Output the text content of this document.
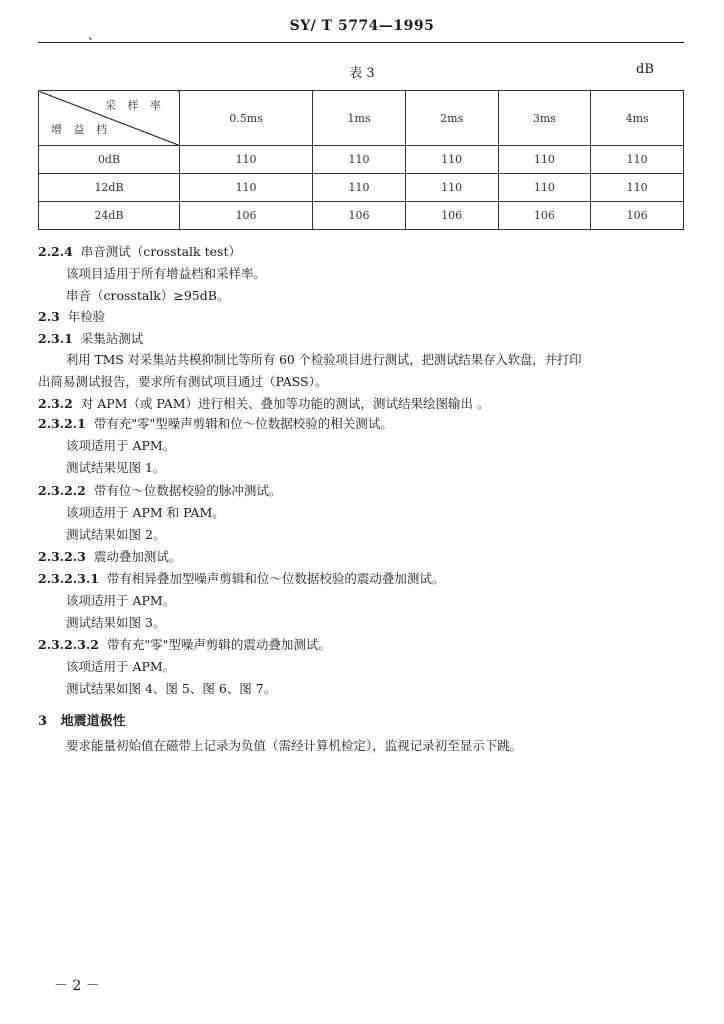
SY/ T 5774—1995
、
表 3	dB
采 样 率
增 益 档	0.5ms	1ms	2ms	3ms	4ms
0dB	110	110	110	110	110
12dB	110	110	110	110	110
24dB	106	106	106	106	106
2.2.4 串音测试（crosstalk test）
该项目适用于所有增益档和采样率。
串音（crosstalk）≥95dB。
2.3 年检验
2.3.1 采集站测试
利用 TMS 对采集站共模抑制比等所有 60 个检验项目进行测试，把测试结果存入软盘，并打印
出简易测试报告，要求所有测试项目通过（PASS）。
2.3.2 对 APM（或 PAM）进行相关、叠加等功能的测试，测试结果绘图输出 。
2.3.2.1 带有充"零"型噪声剪辑和位～位数据校验的相关测试。
该项适用于 APM。
测试结果见图 1。
2.3.2.2 带有位～位数据校验的脉冲测试。
该项适用于 APM 和 PAM。
测试结果如图 2。
2.3.2.3 震动叠加测试。
2.3.2.3.1 带有相异叠加型噪声剪辑和位～位数据校验的震动叠加测试。
该项适用于 APM。
测试结果如图 3。
2.3.2.3.2 带有充"零"型噪声剪辑的震动叠加测试。
该项适用于 APM。
测试结果如图 4、图 5、图 6、图 7。
3 地震道极性
要求能量初始值在磁带上记录为负值（需经计算机检定），监视记录初至显示下跳。
－ 2 －
